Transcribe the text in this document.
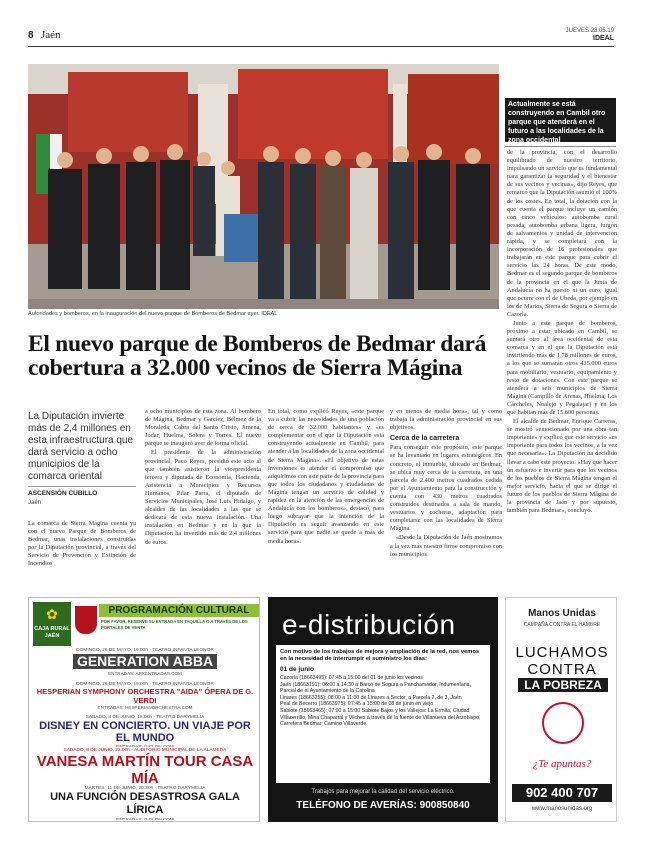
8 Jaén	JUEVES 23.05.19
IDEAL
Autoridades y bomberos, en la inauguración del nuevo parque de Bomberos de Bedmar ayer. IDEAL
Actualmente se está construyendo en Cambil otro parque que atenderá en el futuro a las localidades de la zona occidental

de la provincia, con el desarrollo equilibrado de nuestro territorio, impulsando un servicio que es fundamental para garantizar la seguridad y el bienestar de sus vecinos y vecinas», dijo Reyes, que remarcó que la Diputación asumió el 100% de los costes. En total, la dotación con la que cuenta el parque incluye un camión con cinco vehículos: autobomba rural pesada, autobomba urbana ligera, furgón de salvamentos y unidad de intervención rápida, y se completará con la incorporación de 16 profesionales que trabajarán en este parque para cubrir el servicio las 24 horas. De este modo, Bedmar es el segundo parque de bomberos de la provincia en el que la Junta de Andalucía no ha puesto ni un euro, igual que ocurre con el de Ubeda, por ejemplo en los de Martos, Sierra de Segura o Sierra de Cazorla.

Junto a este parque de bomberos, próximo a estar ubicado en Cambil, se sumará otro al área occidental de esta comarca y en el que la Diputación está invirtiendo más de 1,78 millones de euros, a los que se sumarán otros 435.000 euros para mobiliario, vestuario, equipamiento y resto de dotaciones. Con este parque se atenderá a seis municipios de Sierra Mágina (Campillo de Arenas, Huelma, Los Cárcheles, Noalejo y Pegalajar) y en los que habitan más de 15.600 personas.

El alcalde de Bedmar, Enrique Carreras, se mostró «emocionado por una obra tan importante» y explicó que este servicio «es importante para todos los vecinos, a la vez que necesaria». La Diputación ha decidido llevar a cabo este proyecto. «Hay que hacer un esfuerzo e invertir para que los vecinos de los pueblos de Sierra Mágina tengan el mejor servicio, hacia el que se dirige el futuro de los pueblos de Sierra Mágina de la provincia de Jaén y por supuesto, también para Bedmar», concluyó.

El nuevo parque de Bomberos de Bedmar dará cobertura a 32.000 vecinos de Sierra Mágina
La Diputación invierte más de 2,4 millones en esta infraestructura que dará servicio a ocho municipios de la comarca oriental
ASCENSIÓN CUBILLO
Jaén

La comarca de Sierra Mágina cuenta ya con el nuevo Parque de Bomberos de Bedmar, unas instalaciones construidas por la Diputación provincial, a través del Servicio de Prevención y Extinción de Incendios

a ocho municipios de esta zona. Al bombero de Mágina, Bedmar y Garcíez, Bélmez de la Moraleda, Cabra del Santo Cristo, Jimena, Jódar, Huelma, Solera y Torres. El nuevo parque se inauguró ayer de forma oficial.

El presidente de la administración provincial, Paco Reyes, presidió este acto al que también asistieron la vicepresidenta tercera y diputada de Economía, Hacienda, Asistencia a Municipios y Recursos Humanos, Pilar Parra, el diputado de Servicios Municipales, José Luis Hidalgo, y alcaldes de las localidades a las que se dedicará de esta nueva instalación. Una instalación en Bedmar y en la que la Diputación ha invertido más de 2,4 millones de euros.

En total, como explicó Reyes, «este parque va a cubrir las necesidades de una población de cerca de 32.000 habitantes» y «es complementar con el que la Diputación está construyendo actualmente en Cambil, para atender a las localidades de la zona occidental de Sierra Mágina». «El objetivo de estas inversiones es atender el compromiso que adquirimos con este parte de la provincia para que todos los ciudadanos y ciudadanas de Mágina tengan un servicio de calidad y rapidez en la atención de las emergencias de Andalucía con los bomberos», destacó, para luego subrayar que la intención de la Diputación es seguir avanzando en este servicio para que nadie se quede a más de media hora».

y en menos de media hora», tal y como trabaja la administración provincial en sus objetivos.

Cerca de la carretera

Para conseguir este propósito, este parque se ha levantado en lugares estratégicos. En concreto, el inmueble, ubicado en Bedmar, se ubica muy cerca de la carretera, en una parcela de 2.400 metros cuadrados cedida por el Ayuntamiento para la construcción y cuenta con 430 metros cuadrados construidos destinados a sala de mando, vestuarios y cocheras, adaptación para completarse con las localidades de Sierra Mágina.

«Desde la Diputación de Jaén mostramos a la vez más nuestro firme compromiso con los municipios

✿
CAJA RURAL JAÉN
PROGRAMACIÓN CULTURAL
POR FAVOR, RESERVE SU ENTRADA EN TAQUILLA O A TRAVÉS DE LOS PORTALES DE VENTA
DOMINGO, 26 DE MAYO, 19:00h · TEATRO INFANTA LEONOR
GENERATION ABBA
ENTRADAS: APRENTRADAS.COM
DOMINGO, 26 DE MAYO, 19:00h · TEATRO INFANTA LEONOR
HESPERIAN SYMPHONY ORCHESTRA "AIDA" ÓPERA DE G. VERDI
ENTRADAS: HESPERIANORCHESTRA.COM
SÁBADO, 8 DE JUNIO, 18:00h · TEATRO DARYMELIA
DISNEY EN CONCIERTO. UN VIAJE POR EL MUNDO
ENTRADAS: GIGLON.COM
SÁBADO, 8 DE JUNIO, 22:00h · AUDITORIO MUNICIPAL DE LA ALAMEDA
VANESA MARTÍN TOUR CASA MÍA
MARTES, 11 DE JUNIO, 20:30h · TEATRO DARYMELIA
UNA FUNCIÓN DESASTROSA GALA LÍRICA
ENTRADAS: GIGLON.COM
e-distribución
Con motivo de los trabajos de mejora y ampliación de la red, nos vemos en la necesidad de interrumpir el suministro los días:
01 de junio
Cazorla (18663495): 07:45 a 15:00 del 01 de junio los vecinos
Jaén (18663191): 06:00 a 14:30 a Barco de Segura a Panchamador, Indumentaria, Parcial de el Ayuntamiento de la Carolina
Linares (18663255): 08:00 a 11:00 de Linares a Sector, a Parcela 2, de 3, Jaén
Peal de Becerro (18663975): 07:45 a 15:00 de 08 de junio en viejo
Sabiote (18663465): 07:00 a 15:00 Sabiote Bajos y los Vallejos: La Ermita, Ciudad Villacerrillo, Mina Chaparral y Vilches a través de la fuente de Villanueva del Arzobispo, Carretera Bedmar, Camino Villaverde.
Trabajos para mejorar la calidad del servicio eléctrico.
TELÉFONO DE AVERÍAS: 900850840
Manos Unidas
CAMPAÑA CONTRA EL HAMBRE
LUCHAMOS
CONTRA
LA POBREZA
¿Te apuntas?
902 400 707
www.manosunidas.org
